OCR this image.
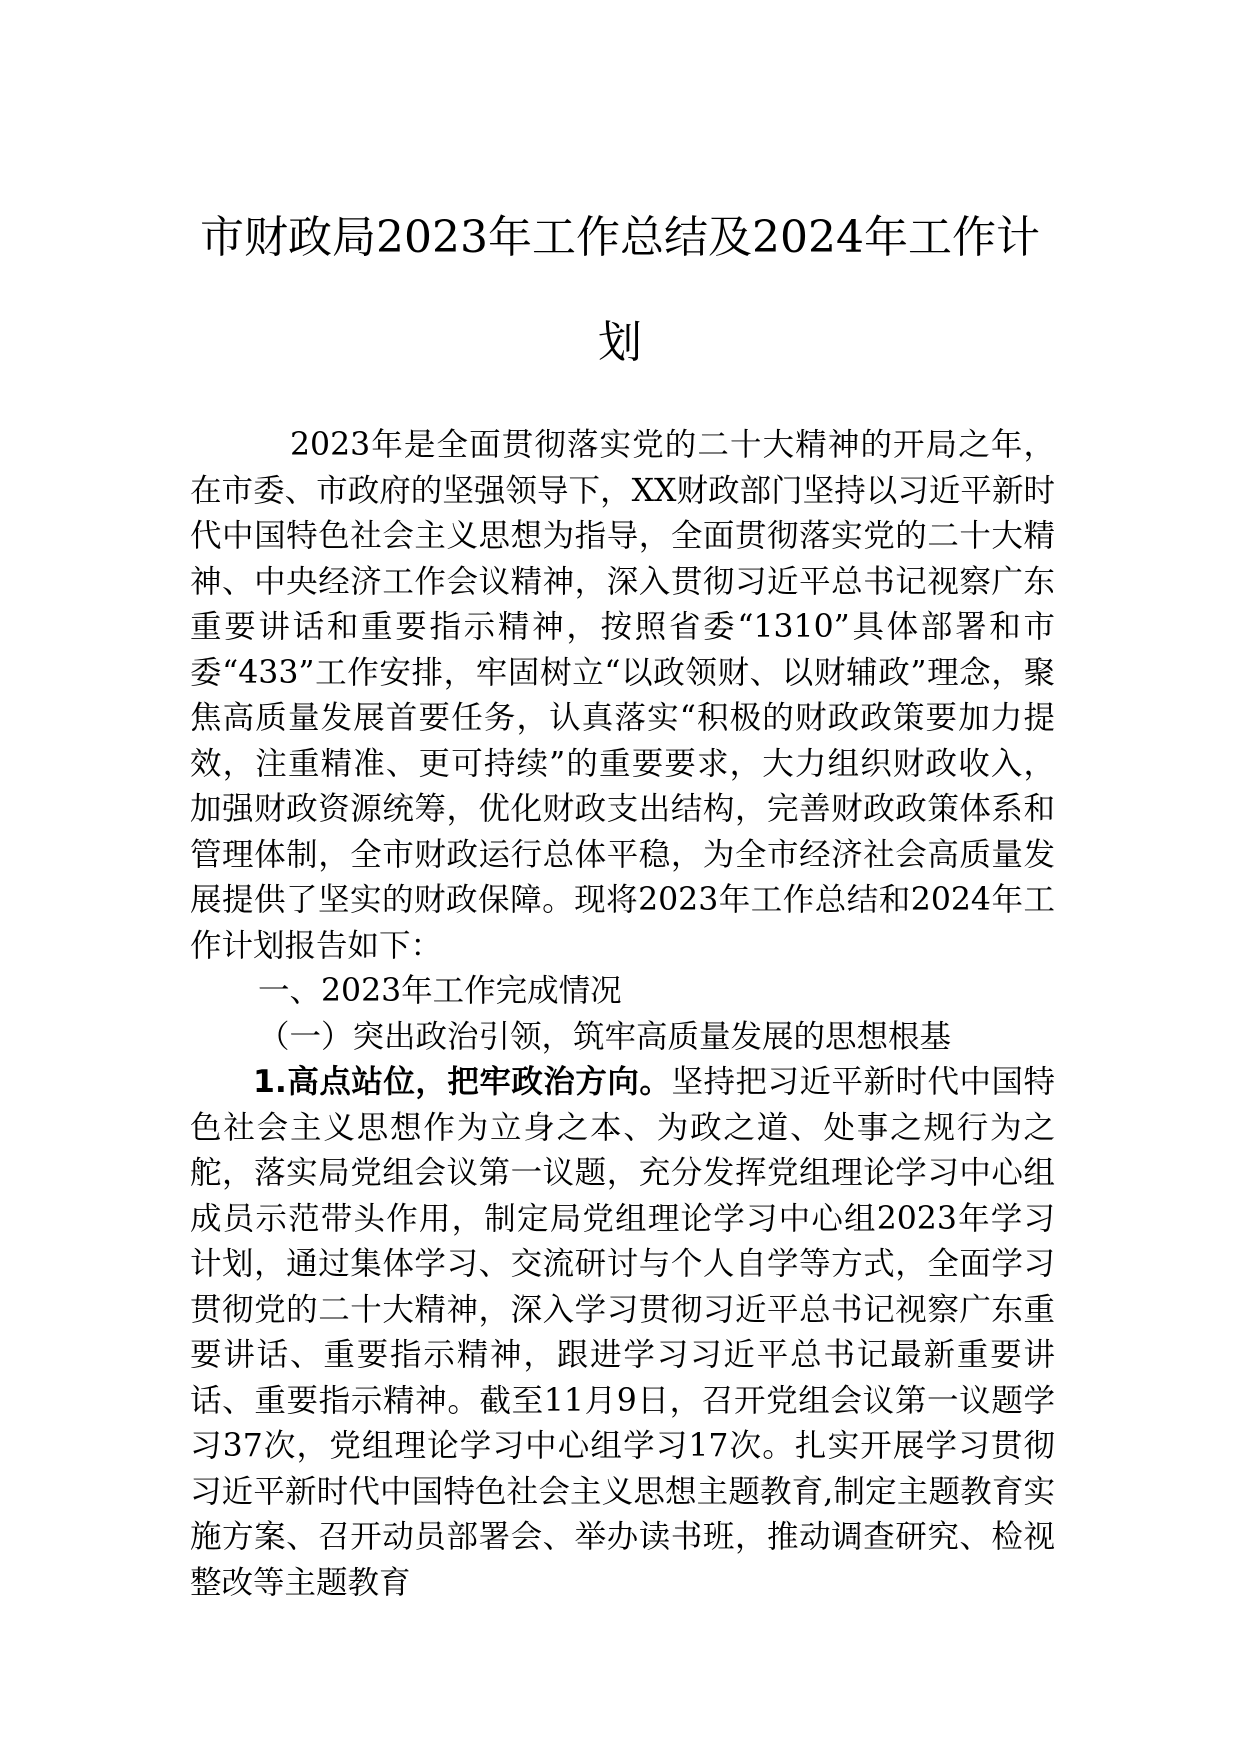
市财政局2023年工作总结及2024年工作计
划

2023年是全面贯彻落实党的二十大精神的开局之年，在市委、市政府的坚强领导下，XX财政部门坚持以习近平新时代中国特色社会主义思想为指导，全面贯彻落实党的二十大精神、中央经济工作会议精神，深入贯彻习近平总书记视察广东重要讲话和重要指示精神，按照省委“1310”具体部署和市委“433”工作安排，牢固树立“以政领财、以财辅政”理念，聚焦高质量发展首要任务，认真落实“积极的财政政策要加力提效，注重精准、更可持续”的重要要求，大力组织财政收入，加强财政资源统筹，优化财政支出结构，完善财政政策体系和管理体制，全市财政运行总体平稳，为全市经济社会高质量发展提供了坚实的财政保障。现将2023年工作总结和2024年工作计划报告如下：

一、2023年工作完成情况

（一）突出政治引领，筑牢高质量发展的思想根基

1.高点站位，把牢政治方向。坚持把习近平新时代中国特色社会主义思想作为立身之本、为政之道、处事之规行为之舵，落实局党组会议第一议题，充分发挥党组理论学习中心组成员示范带头作用，制定局党组理论学习中心组2023年学习计划，通过集体学习、交流研讨与个人自学等方式，全面学习贯彻党的二十大精神，深入学习贯彻习近平总书记视察广东重要讲话、重要指示精神，跟进学习习近平总书记最新重要讲话、重要指示精神。截至11月9日，召开党组会议第一议题学习37次，党组理论学习中心组学习17次。扎实开展学习贯彻习近平新时代中国特色社会主义思想主题教育,制定主题教育实施方案、召开动员部署会、举办读书班，推动调查研究、检视整改等主题教育
